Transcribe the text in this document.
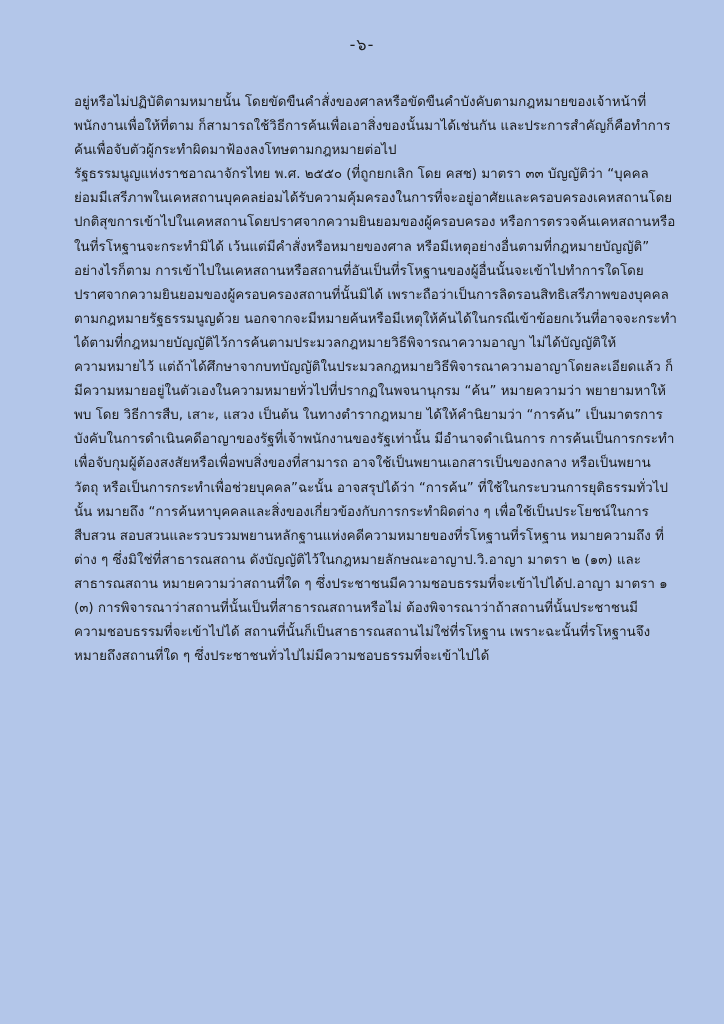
-๖-
อยู่หรือไม่ปฏิบัติตามหมายนั้น โดยขัดขืนคำสั่งของศาลหรือขัดขืนคำบังคับตามกฎหมายของเจ้าหน้าที่
พนักงานเพื่อให้ที่ตาม ก็สามารถใช้วิธีการค้นเพื่อเอาสิ่งของนั้นมาได้เช่นกัน และประการสำคัญก็คือทำการ
ค้นเพื่อจับตัวผู้กระทำผิดมาฟ้องลงโทษตามกฎหมายต่อไป
รัฐธรรมนูญแห่งราชอาณาจักรไทย พ.ศ. ๒๕๕๐ (ที่ถูกยกเลิก โดย คสช) มาตรา ๓๓ บัญญัติว่า “บุคคล
ย่อมมีเสรีภาพในเคหสถานบุคคลย่อมได้รับความคุ้มครองในการที่จะอยู่อาศัยและครอบครองเคหสถานโดย
ปกติสุขการเข้าไปในเคหสถานโดยปราศจากความยินยอมของผู้ครอบครอง หรือการตรวจค้นเคหสถานหรือ
ในที่รโหฐานจะกระทำมิได้ เว้นแต่มีคำสั่งหรือหมายของศาล หรือมีเหตุอย่างอื่นตามที่กฎหมายบัญญัติ”
อย่างไรก็ตาม การเข้าไปในเคหสถานหรือสถานที่อันเป็นที่รโหฐานของผู้อื่นนั้นจะเข้าไปทำการใดโดย
ปราศจากความยินยอมของผู้ครอบครองสถานที่นั้นมิได้ เพราะถือว่าเป็นการลิดรอนสิทธิเสรีภาพของบุคคล
ตามกฎหมายรัฐธรรมนูญด้วย นอกจากจะมีหมายค้นหรือมีเหตุให้ค้นได้ในกรณีเข้าข้อยกเว้นที่อาจจะกระทำ
ได้ตามที่กฎหมายบัญญัติไว้การค้นตามประมวลกฎหมายวิธีพิจารณาความอาญา ไม่ได้บัญญัติให้
ความหมายไว้ แต่ถ้าได้ศึกษาจากบทบัญญัติในประมวลกฎหมายวิธีพิจารณาความอาญาโดยละเอียดแล้ว ก็
มีความหมายอยู่ในตัวเองในความหมายทั่วไปที่ปรากฏในพจนานุกรม “ค้น” หมายความว่า พยายามหาให้
พบ โดย วิธีการสืบ, เสาะ, แสวง เป็นต้น ในทางตำรากฎหมาย ได้ให้คำนิยามว่า “การค้น” เป็นมาตรการ
บังคับในการดำเนินคดีอาญาของรัฐที่เจ้าพนักงานของรัฐเท่านั้น มีอำนาจดำเนินการ การค้นเป็นการกระทำ
เพื่อจับกุมผู้ต้องสงสัยหรือเพื่อพบสิ่งของที่สามารถ อาจใช้เป็นพยานเอกสารเป็นของกลาง หรือเป็นพยาน
วัตถุ หรือเป็นการกระทำเพื่อช่วยบุคคล”ฉะนั้น อาจสรุปได้ว่า “การค้น” ที่ใช้ในกระบวนการยุติธรรมทั่วไป
นั้น หมายถึง “การค้นหาบุคคลและสิ่งของเกี่ยวข้องกับการกระทำผิดต่าง ๆ เพื่อใช้เป็นประโยชน์ในการ
สืบสวน สอบสวนและรวบรวมพยานหลักฐานแห่งคดีความหมายของที่รโหฐานที่รโหฐาน หมายความถึง ที่
ต่าง ๆ ซึ่งมิใช่ที่สาธารณสถาน ดังบัญญัติไว้ในกฎหมายลักษณะอาญาป.วิ.อาญา มาตรา ๒ (๑๓) และ
สาธารณสถาน หมายความว่าสถานที่ใด ๆ ซึ่งประชาชนมีความชอบธรรมที่จะเข้าไปได้ป.อาญา มาตรา ๑
(๓) การพิจารณาว่าสถานที่นั้นเป็นที่สาธารณสถานหรือไม่ ต้องพิจารณาว่าถ้าสถานที่นั้นประชาชนมี
ความชอบธรรมที่จะเข้าไปได้ สถานที่นั้นก็เป็นสาธารณสถานไม่ใช่ที่รโหฐาน เพราะฉะนั้นที่รโหฐานจึง
หมายถึงสถานที่ใด ๆ ซึ่งประชาชนทั่วไปไม่มีความชอบธรรมที่จะเข้าไปได้
